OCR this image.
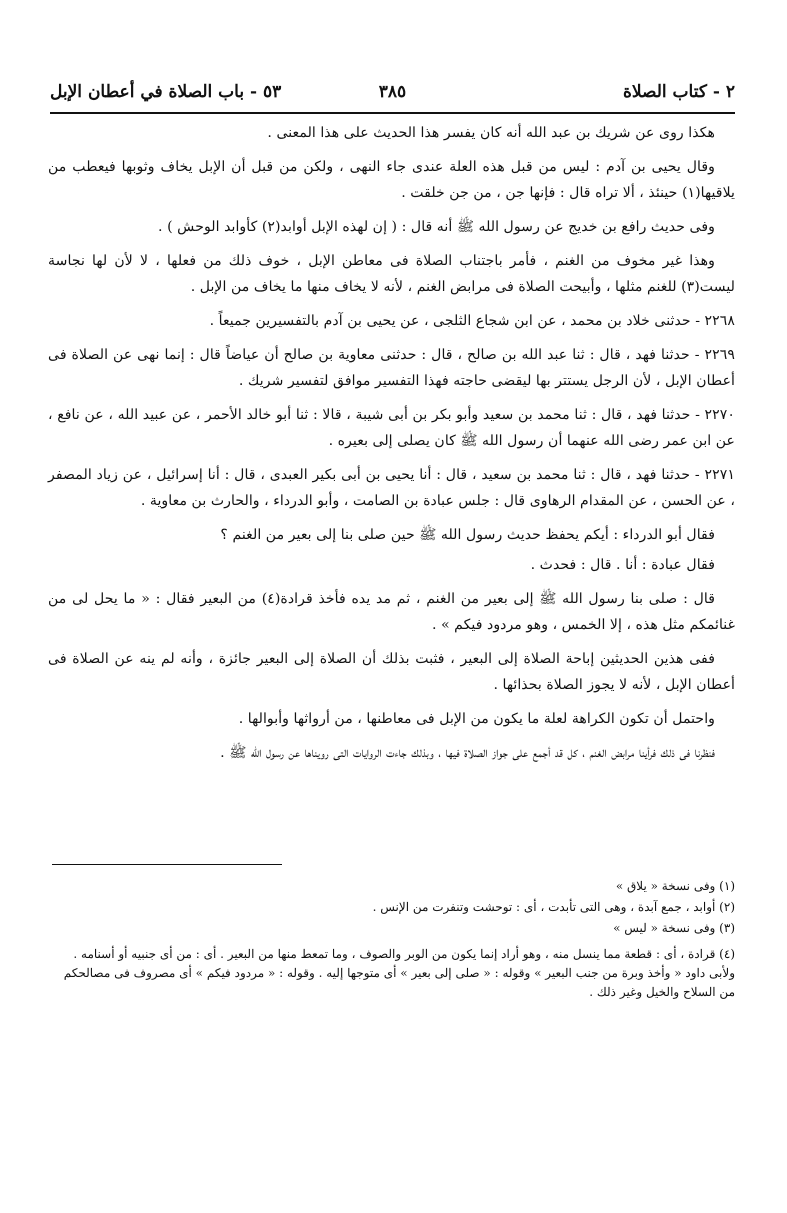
٢ - كتاب الصلاة
٣٨٥
٥٣ - باب الصلاة في أعطان الإبل

هكذا روى عن شريك بن عبد الله أنه كان يفسر هذا الحديث على هذا المعنى .

وقال يحيى بن آدم : ليس من قبل هذه العلة عندى جاء النهى ، ولكن من قبل أن الإبل يخاف وثوبها فيعطب من يلاقيها(١) حينئذ ، ألا تراه قال : فإنها جن ، من جن خلقت .

وفى حديث رافع بن خديج عن رسول الله ﷺ أنه قال : ( إن لهذه الإبل أوابد(٢) كأوابد الوحش ) .

وهذا غير مخوف من الغنم ، فأمر باجتناب الصلاة فى معاطن الإبل ، خوف ذلك من فعلها ، لا لأن لها نجاسة ليست(٣) للغنم مثلها ، وأبيحت الصلاة فى مرابض الغنم ، لأنه لا يخاف منها ما يخاف من الإبل .

٢٢٦٨ - حدثنى خلاد بن محمد ، عن ابن شجاع الثلجى ، عن يحيى بن آدم بالتفسيرين جميعاً .

٢٢٦٩ - حدثنا فهد ، قال : ثنا عبد الله بن صالح ، قال : حدثنى معاوية بن صالح أن عياضاً قال : إنما نهى عن الصلاة فى أعطان الإبل ، لأن الرجل يستتر بها ليقضى حاجته فهذا التفسير موافق لتفسير شريك .

٢٢٧٠ - حدثنا فهد ، قال : ثنا محمد بن سعيد وأبو بكر بن أبى شيبة ، قالا : ثنا أبو خالد الأحمر ، عن عبيد الله ، عن نافع ، عن ابن عمر رضى الله عنهما أن رسول الله ﷺ كان يصلى إلى بعيره .

٢٢٧١ - حدثنا فهد ، قال : ثنا محمد بن سعيد ، قال : أنا يحيى بن أبى بكير العبدى ، قال : أنا إسرائيل ، عن زياد المصفر ، عن الحسن ، عن المقدام الرهاوى قال : جلس عبادة بن الصامت ، وأبو الدرداء ، والحارث بن معاوية .

فقال أبو الدرداء : أيكم يحفظ حديث رسول الله ﷺ حين صلى بنا إلى بعير من الغنم ؟

فقال عبادة : أنا . قال : فحدث .

قال : صلى بنا رسول الله ﷺ إلى بعير من الغنم ، ثم مد يده فأخذ قرادة(٤) من البعير فقال : « ما يحل لى من غنائمكم مثل هذه ، إلا الخمس ، وهو مردود فيكم » .

ففى هذين الحديثين إباحة الصلاة إلى البعير ، فثبت بذلك أن الصلاة إلى البعير جائزة ، وأنه لم ينه عن الصلاة فى أعطان الإبل ، لأنه لا يجوز الصلاة بحذائها .

واحتمل أن تكون الكراهة لعلة ما يكون من الإبل فى معاطنها ، من أرواثها وأبوالها .

فنظرنا فى ذلك فرأينا مرابض الغنم ، كل قد أجمع على جواز الصلاة فيها ، وبذلك جاءت الروايات التى رويناها عن رسول الله ﷺ .

(١) وفى نسخة « يلاق »

(٢) أوابد ، جمع آبدة ، وهى التى تأبدت ، أى : توحشت وتنفرت من الإنس .

(٣) وفى نسخة « ليس »

(٤) قرادة ، أى : قطعة مما ينسل منه ، وهو أراد إنما يكون من الوبر والصوف ، وما تمعط منها من البعير . أى : من أى جنبيه أو أسنامه . ولأبى داود « وأخذ وبرة من جنب البعير » وقوله : « صلى إلى بعير » أى متوجها إليه . وقوله : « مردود فيكم » أى مصروف فى مصالحكم من السلاح والخيل وغير ذلك .
